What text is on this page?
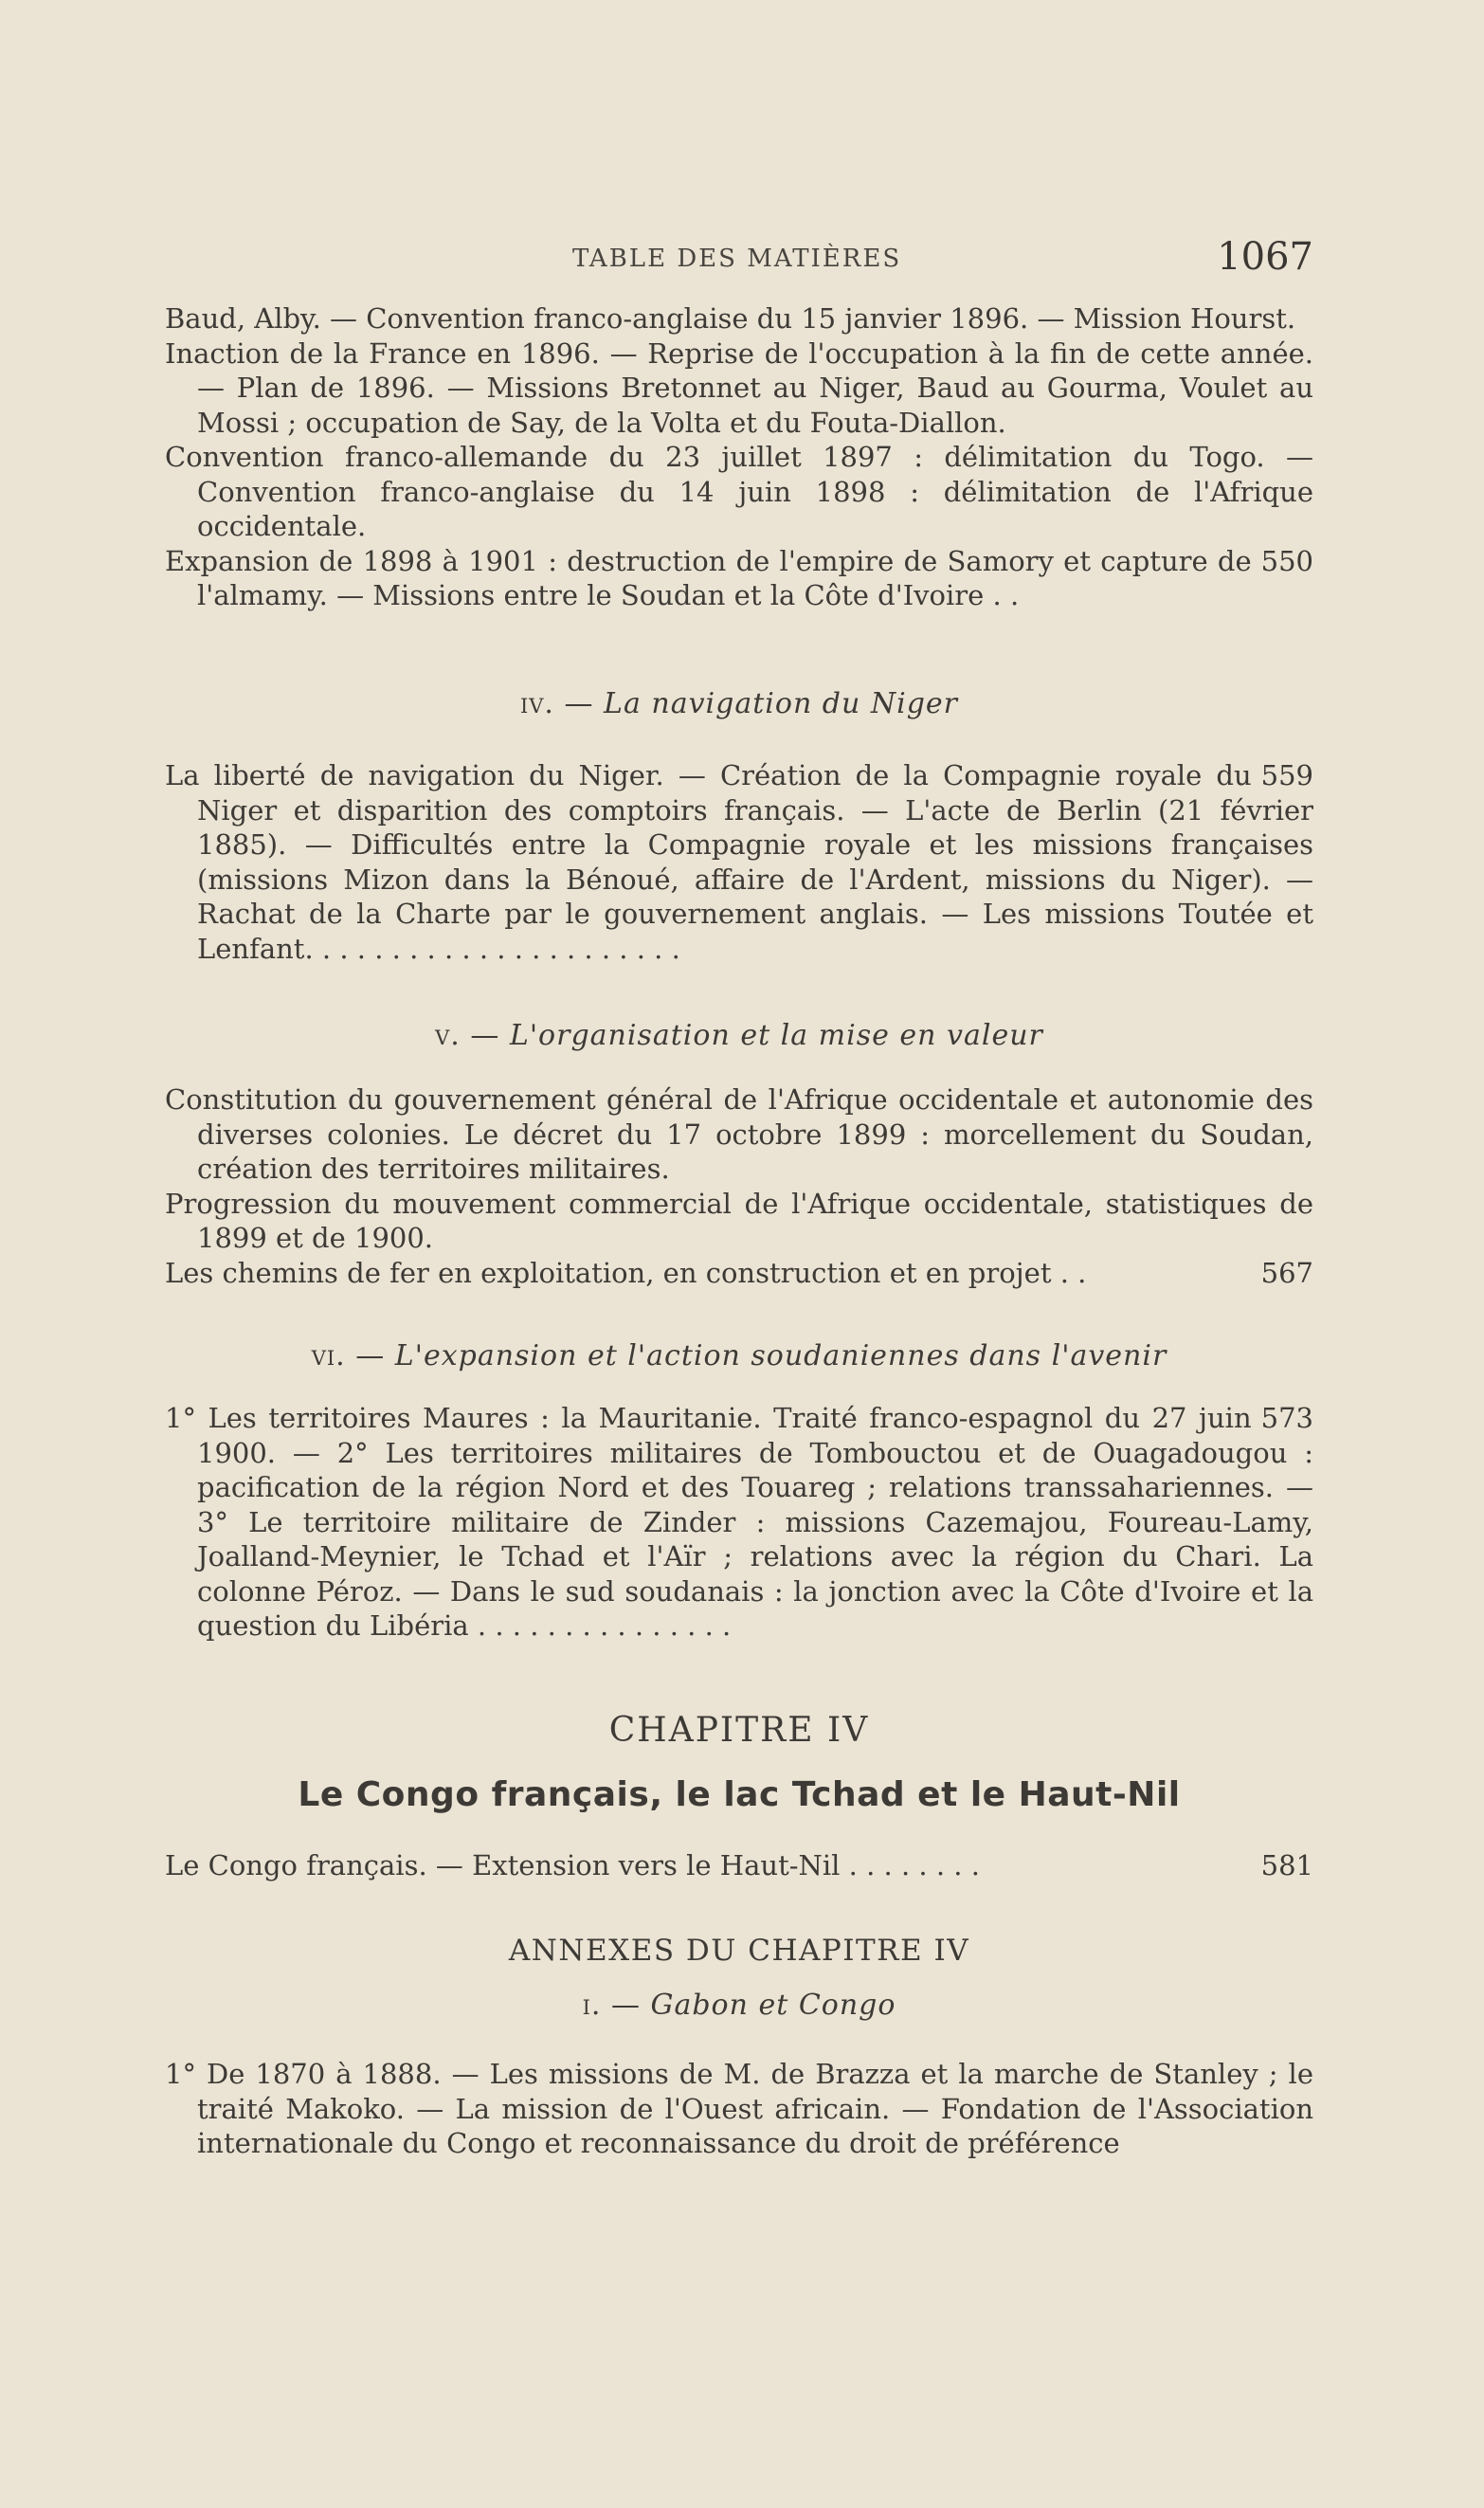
TABLE DES MATIÈRES	1067

Baud, Alby. — Convention franco-anglaise du 15 janvier 1896. — Mission Hourst.

Inaction de la France en 1896. — Reprise de l'occupation à la fin de cette année. — Plan de 1896. — Missions Bretonnet au Niger, Baud au Gourma, Voulet au Mossi ; occupation de Say, de la Volta et du Fouta-Diallon.

Convention franco-allemande du 23 juillet 1897 : délimitation du Togo. — Convention franco-anglaise du 14 juin 1898 : délimitation de l'Afrique occidentale.

550
Expansion de 1898 à 1901 : destruction de l'empire de Samory et capture de l'almamy. — Missions entre le Soudan et la Côte d'Ivoire . .

iv. — La navigation du Niger

559
La liberté de navigation du Niger. — Création de la Compagnie royale du Niger et disparition des comptoirs français. — L'acte de Berlin (21 février 1885). — Difficultés entre la Compagnie royale et les missions françaises (missions Mizon dans la Bénoué, affaire de l'Ardent, missions du Niger). — Rachat de la Charte par le gouvernement anglais. — Les missions Toutée et Lenfant. . . . . . . . . . . . . . . . . . . . . .

v. — L'organisation et la mise en valeur

Constitution du gouvernement général de l'Afrique occidentale et autonomie des diverses colonies. Le décret du 17 octobre 1899 : morcellement du Soudan, création des territoires militaires.

Progression du mouvement commercial de l'Afrique occidentale, statistiques de 1899 et de 1900.

567
Les chemins de fer en exploitation, en construction et en projet . .

vi. — L'expansion et l'action soudaniennes dans l'avenir

573
1° Les territoires Maures : la Mauritanie. Traité franco-espagnol du 27 juin 1900. — 2° Les territoires militaires de Tombouctou et de Ouagadougou : pacification de la région Nord et des Touareg ; relations transsahariennes. — 3° Le territoire militaire de Zinder : missions Cazemajou, Foureau-Lamy, Joalland-Meynier, le Tchad et l'Aïr ; relations avec la région du Chari. La colonne Péroz. — Dans le sud soudanais : la jonction avec la Côte d'Ivoire et la question du Libéria . . . . . . . . . . . . . . .

CHAPITRE IV

Le Congo français, le lac Tchad et le Haut-Nil

581
Le Congo français. — Extension vers le Haut-Nil . . . . . . . .

ANNEXES DU CHAPITRE IV

i. — Gabon et Congo

1° De 1870 à 1888. — Les missions de M. de Brazza et la marche de Stanley ; le traité Makoko. — La mission de l'Ouest africain. — Fondation de l'Association internationale du Congo et reconnaissance du droit de préférence
